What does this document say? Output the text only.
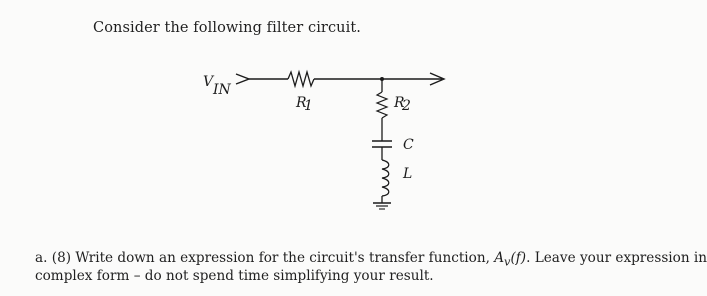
Consider the following filter circuit.
V IN
R
1	R
2
C
L
a. (8) Write down an expression for the circuit's transfer function, $A_v(f)$. Leave your expression in
complex form – do not spend time simplifying your result.
